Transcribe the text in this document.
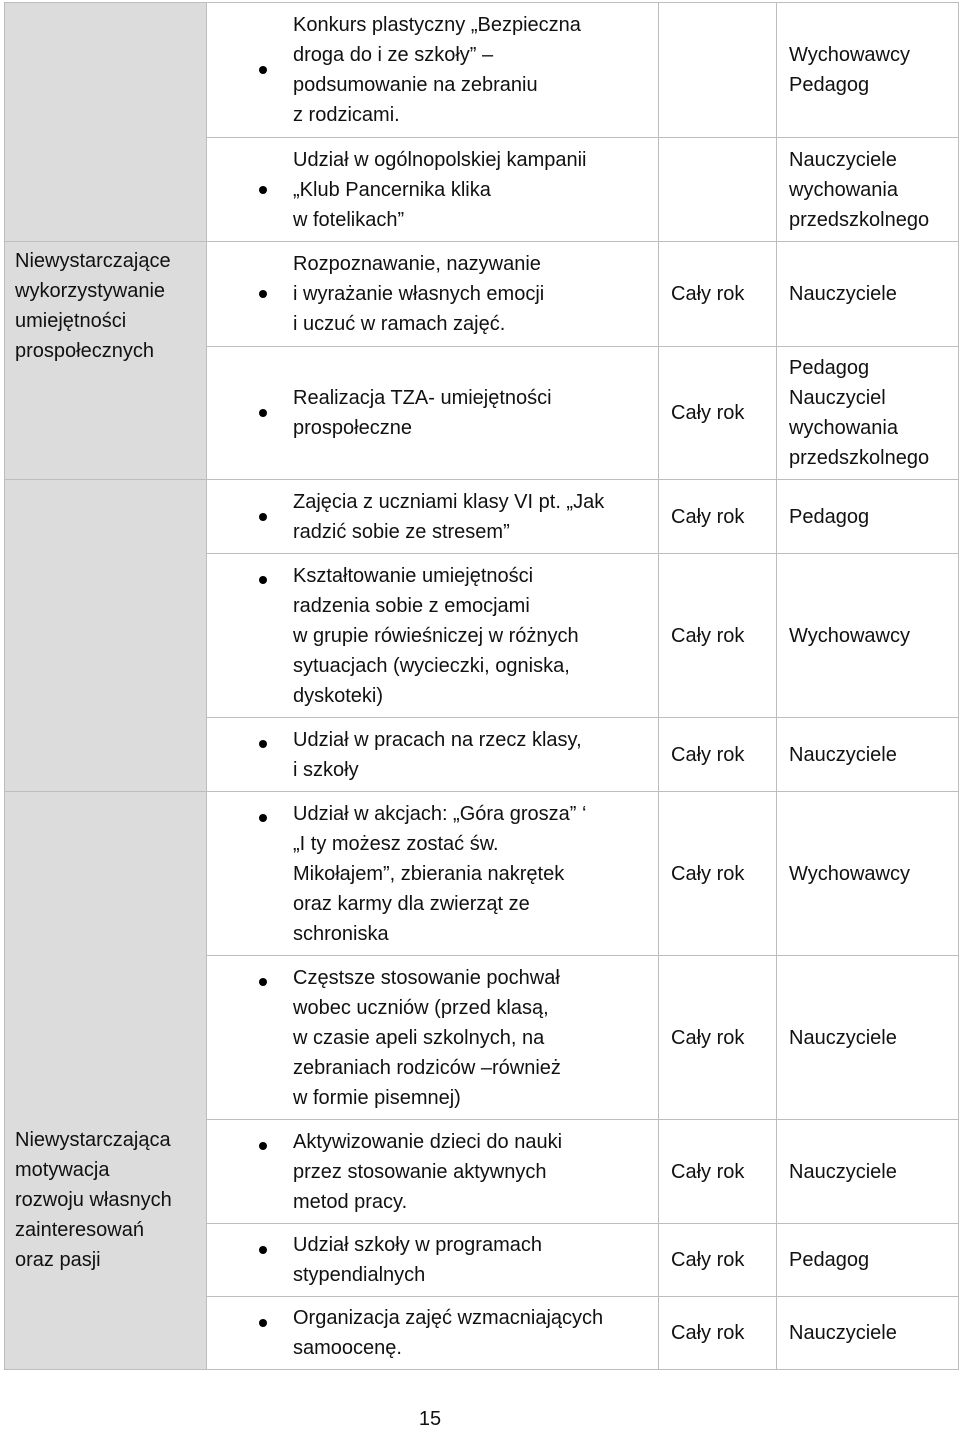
	Konkurs plastyczny „Bezpieczna
droga do i ze szkoły” –
podsumowanie na zebraniu
z rodzicami.		Wychowawcy
Pedagog

	Udział w ogólnopolskiej kampanii
„Klub Pancernika klika
w fotelikach”		Nauczyciele
wychowania
przedszkolnego

Niewystarczające
wykorzystywanie
umiejętności
prospołecznych	Rozpoznawanie, nazywanie
i wyrażanie własnych emocji
i uczuć w ramach zajęć.	Cały rok	Nauczyciele

	Realizacja TZA- umiejętności
prospołeczne	Cały rok	Pedagog
Nauczyciel
wychowania
przedszkolnego

	Zajęcia z uczniami klasy VI pt. „Jak
radzić sobie ze stresem”	Cały rok	Pedagog

	Kształtowanie umiejętności
radzenia sobie z emocjami
w grupie rówieśniczej w różnych
sytuacjach (wycieczki, ogniska,
dyskoteki)	Cały rok	Wychowawcy

	Udział w pracach na rzecz klasy,
i szkoły	Cały rok	Nauczyciele

Niewystarczająca
motywacja
rozwoju własnych
zainteresowań
oraz pasji	Udział w akcjach: „Góra grosza” ‘
„I ty możesz zostać św.
Mikołajem”, zbierania nakrętek
oraz karmy dla zwierząt ze
schroniska	Cały rok	Wychowawcy

	Częstsze stosowanie pochwał
wobec uczniów (przed klasą,
w czasie apeli szkolnych, na
zebraniach rodziców –również
w formie pisemnej)	Cały rok	Nauczyciele

	Aktywizowanie dzieci do nauki
przez stosowanie aktywnych
metod pracy.	Cały rok	Nauczyciele

	Udział szkoły w programach
stypendialnych	Cały rok	Pedagog

	Organizacja zajęć wzmacniających
samoocenę.	Cały rok	Nauczyciele
15
